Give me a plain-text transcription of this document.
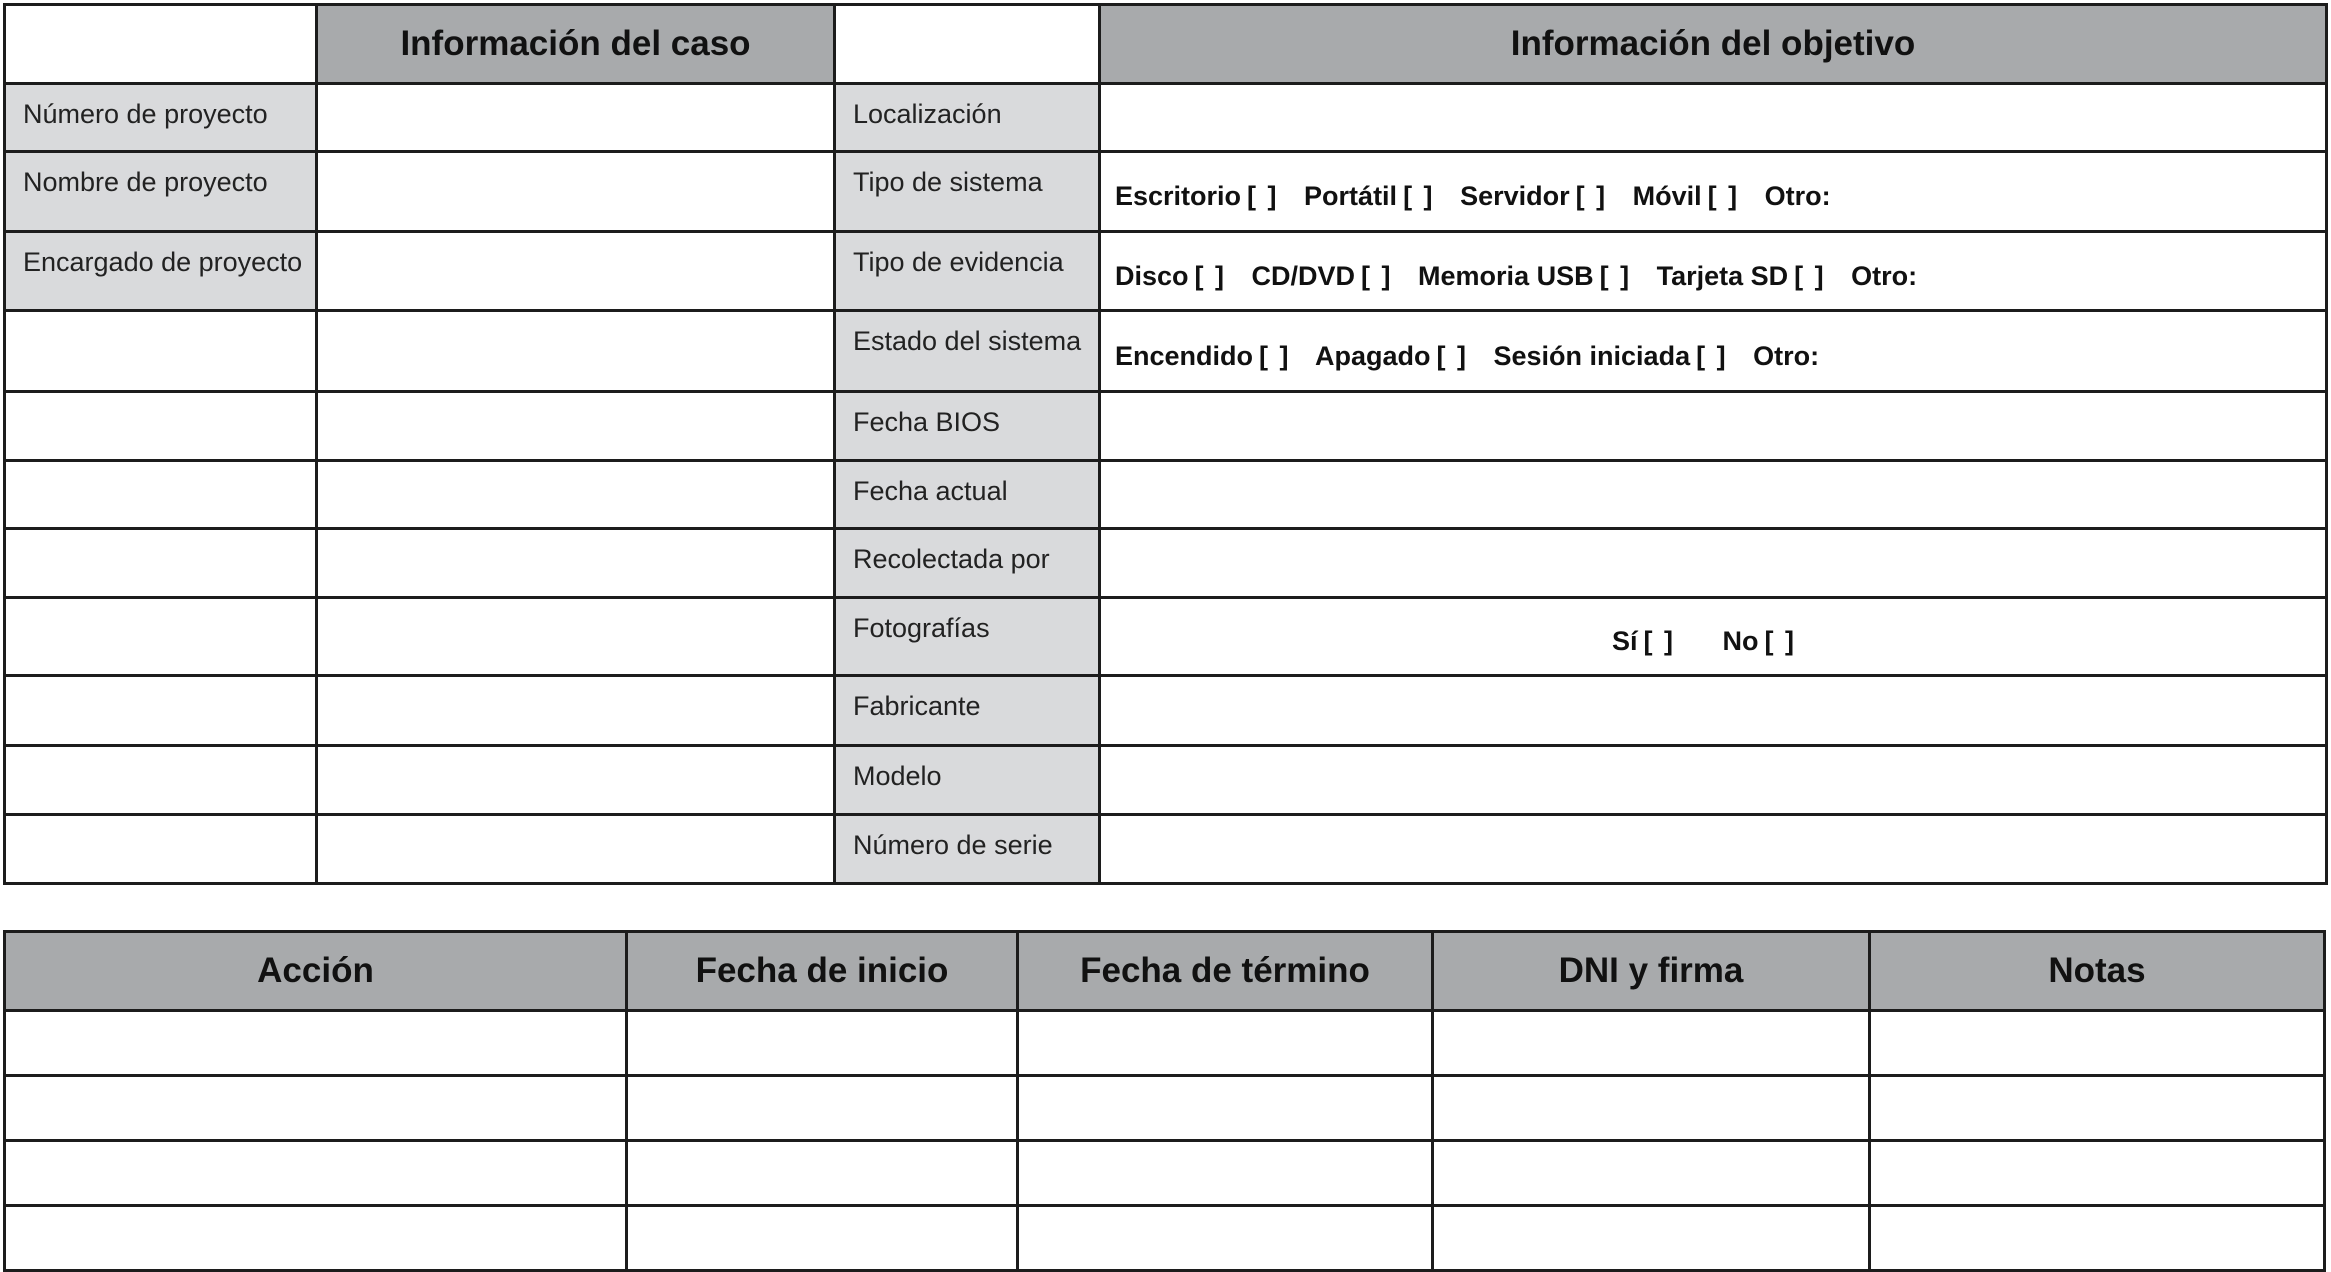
	Información del caso		Información del objetivo
Número de proyecto		Localización	
Nombre de proyecto		Tipo de sistema	Escritorio [ ] Portátil [ ] Servidor [ ] Móvil [ ] Otro:
Encargado de proyecto		Tipo de evidencia	Disco [ ] CD/DVD [ ] Memoria USB [ ] Tarjeta SD [ ] Otro:
		Estado del sistema	Encendido [ ] Apagado [ ] Sesión iniciada [ ] Otro:
		Fecha BIOS	
		Fecha actual	
		Recolectada por	
		Fotografías	Sí [ ] No [ ]
		Fabricante	
		Modelo	
		Número de serie	
Acción	Fecha de inicio	Fecha de término	DNI y firma	Notas
